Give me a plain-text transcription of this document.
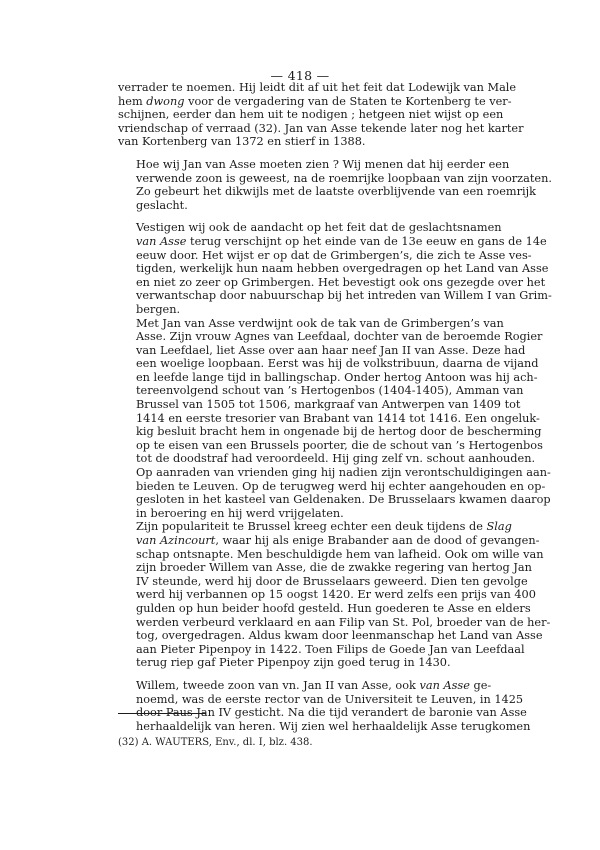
— 418 —

verrader te noemen. Hij leidt dit af uit het feit dat Lodewijk van Male
hem dwong voor de vergadering van de Staten te Kortenberg te ver-
schijnen, eerder dan hem uit te nodigen ; hetgeen niet wijst op een
vriendschap of verraad (32). Jan van Asse tekende later nog het karter
van Kortenberg van 1372 en stierf in 1388.

Hoe wij Jan van Asse moeten zien ? Wij menen dat hij eerder een
verwende zoon is geweest, na de roemrijke loopbaan van zijn voorzaten.
Zo gebeurt het dikwijls met de laatste overblijvende van een roemrijk
geslacht.

Vestigen wij ook de aandacht op het feit dat de geslachtsnamen
van Asse terug verschijnt op het einde van de 13e eeuw en gans de 14e
eeuw door. Het wijst er op dat de Grimbergen’s, die zich te Asse ves-
tigden, werkelijk hun naam hebben overgedragen op het Land van Asse
en niet zo zeer op Grimbergen. Het bevestigt ook ons gezegde over het
verwantschap door nabuurschap bij het intreden van Willem I van Grim-
bergen.

Met Jan van Asse verdwijnt ook de tak van de Grimbergen’s van
Asse. Zijn vrouw Agnes van Leefdaal, dochter van de beroemde Rogier
van Leefdael, liet Asse over aan haar neef Jan II van Asse. Deze had
een woelige loopbaan. Eerst was hij de volkstribuun, daarna de vijand
en leefde lange tijd in ballingschap. Onder hertog Antoon was hij ach-
tereenvolgend schout van ’s Hertogenbos (1404-1405), Amman van
Brussel van 1505 tot 1506, markgraaf van Antwerpen van 1409 tot
1414 en eerste tresorier van Brabant van 1414 tot 1416. Een ongeluk-
kig besluit bracht hem in ongenade bij de hertog door de bescherming
op te eisen van een Brussels poorter, die de schout van ’s Hertogenbos
tot de doodstraf had veroordeeld. Hij ging zelf vn. schout aanhouden.
Op aanraden van vrienden ging hij nadien zijn verontschuldigingen aan-
bieden te Leuven. Op de terugweg werd hij echter aangehouden en op-
gesloten in het kasteel van Geldenaken. De Brusselaars kwamen daarop
in beroering en hij werd vrijgelaten.

Zijn populariteit te Brussel kreeg echter een deuk tijdens de Slag
van Azincourt, waar hij als enige Brabander aan de dood of gevangen-
schap ontsnapte. Men beschuldigde hem van lafheid. Ook om wille van
zijn broeder Willem van Asse, die de zwakke regering van hertog Jan
IV steunde, werd hij door de Brusselaars geweerd. Dien ten gevolge
werd hij verbannen op 15 oogst 1420. Er werd zelfs een prijs van 400
gulden op hun beider hoofd gesteld. Hun goederen te Asse en elders
werden verbeurd verklaard en aan Filip van St. Pol, broeder van de her-
tog, overgedragen. Aldus kwam door leenmanschap het Land van Asse
aan Pieter Pipenpoy in 1422. Toen Filips de Goede Jan van Leefdaal
terug riep gaf Pieter Pipenpoy zijn goed terug in 1430.

Willem, tweede zoon van vn. Jan II van Asse, ook van Asse ge-
noemd, was de eerste rector van de Universiteit te Leuven, in 1425
door Paus Jan IV gesticht. Na die tijd verandert de baronie van Asse
herhaaldelijk van heren. Wij zien wel herhaaldelijk Asse terugkomen

(32) A. WAUTERS, Env., dl. I, blz. 438.
